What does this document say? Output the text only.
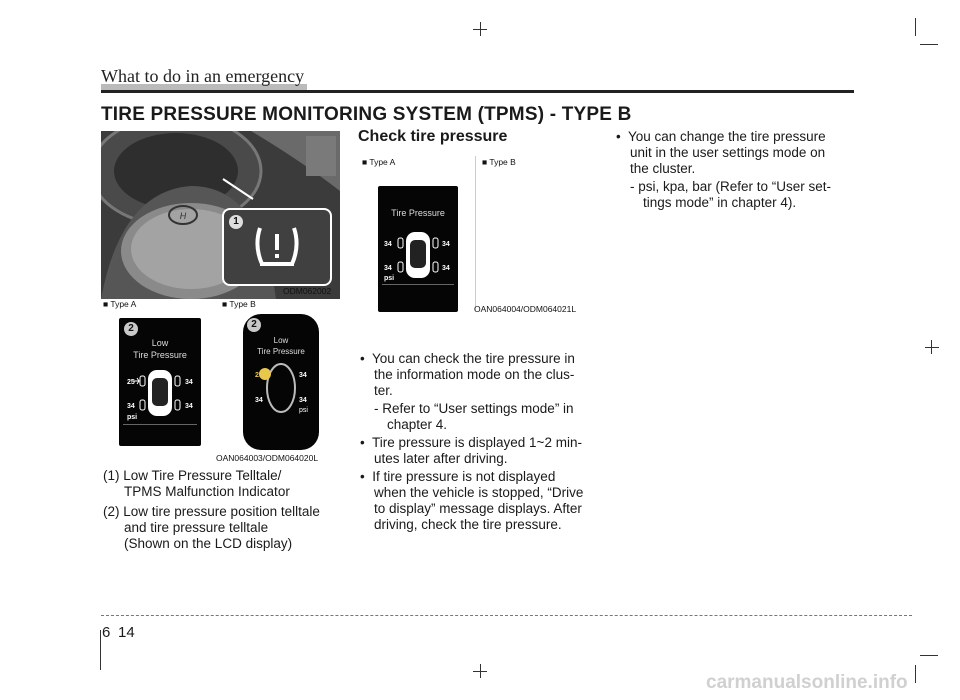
What to do in an emergency
TIRE PRESSURE MONITORING SYSTEM (TPMS) - TYPE B
H	1
ODM062002
■ Type A	■ Type B
2
Low
Tire Pressure
25	34
34	34
psi
2
Low
Tire Pressure
25	34
34	34
psi
OAN064003/ODM064020L
(1) Low Tire Pressure Telltale/
TPMS Malfunction Indicator
(2) Low tire pressure position telltale
and tire pressure telltale
(Shown on the LCD display)
Check tire pressure
■ Type A	■ Type B
Tire Pressure
34	34
34	34
psi
OAN064004/ODM064021L
•  You can check the tire pressure in
the information mode on the clus-
ter.
- Refer to “User settings mode” in
chapter 4.
•  Tire pressure is displayed 1~2 min-
utes later after driving.
•  If tire pressure is not displayed
when the vehicle is stopped, “Drive
to display” message displays. After
driving, check the tire pressure.
•  You can change the tire pressure
unit in the user settings mode on
the cluster.
- psi, kpa, bar (Refer to “User set-
tings mode” in chapter 4).
6 14
carmanualsonline.info
